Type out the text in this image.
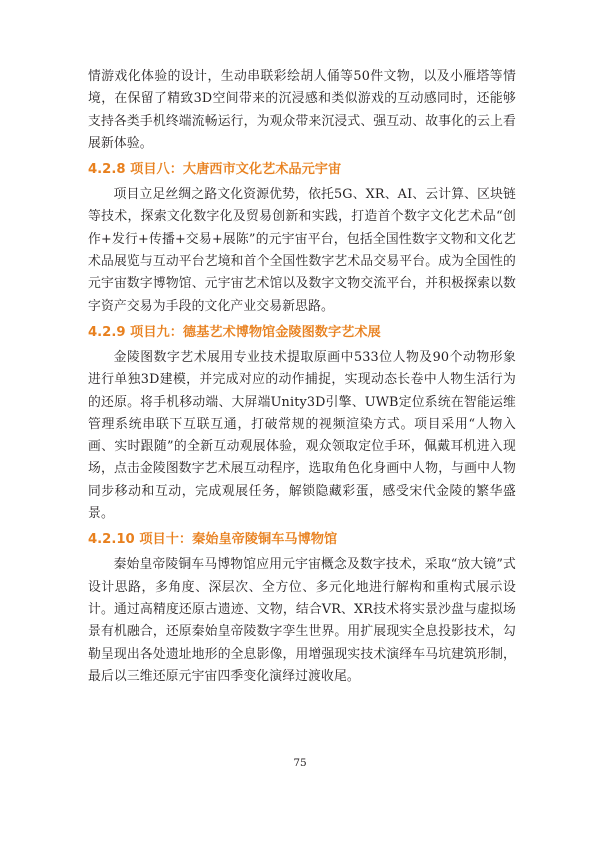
情游戏化体验的设计，生动串联彩绘胡人俑等50件文物，以及小雁塔等情境，在保留了精致3D空间带来的沉浸感和类似游戏的互动感同时，还能够支持各类手机终端流畅运行，为观众带来沉浸式、强互动、故事化的云上看展新体验。

4.2.8 项目八：大唐西市文化艺术品元宇宙

项目立足丝绸之路文化资源优势，依托5G、XR、AI、云计算、区块链等技术，探索文化数字化及贸易创新和实践，打造首个数字文化艺术品“创作+发行+传播+交易+展陈”的元宇宙平台，包括全国性数字文物和文化艺术品展览与互动平台艺境和首个全国性数字艺术品交易平台。成为全国性的元宇宙数字博物馆、元宇宙艺术馆以及数字文物交流平台，并积极探索以数字资产交易为手段的文化产业交易新思路。

4.2.9 项目九：德基艺术博物馆金陵图数字艺术展

金陵图数字艺术展用专业技术提取原画中533位人物及90个动物形象进行单独3D建模，并完成对应的动作捕捉，实现动态长卷中人物生活行为的还原。将手机移动端、大屏端Unity3D引擎、UWB定位系统在智能运维管理系统串联下互联互通，打破常规的视频渲染方式。项目采用“人物入画、实时跟随”的全新互动观展体验，观众领取定位手环，佩戴耳机进入现场，点击金陵图数字艺术展互动程序，选取角色化身画中人物，与画中人物同步移动和互动，完成观展任务，解锁隐藏彩蛋，感受宋代金陵的繁华盛景。

4.2.10 项目十：秦始皇帝陵铜车马博物馆

秦始皇帝陵铜车马博物馆应用元宇宙概念及数字技术，采取“放大镜”式设计思路，多角度、深层次、全方位、多元化地进行解构和重构式展示设计。通过高精度还原古遗迹、文物，结合VR、XR技术将实景沙盘与虚拟场景有机融合，还原秦始皇帝陵数字孪生世界。用扩展现实全息投影技术，勾勒呈现出各处遗址地形的全息影像，用增强现实技术演绎车马坑建筑形制，最后以三维还原元宇宙四季变化演绎过渡收尾。

75
